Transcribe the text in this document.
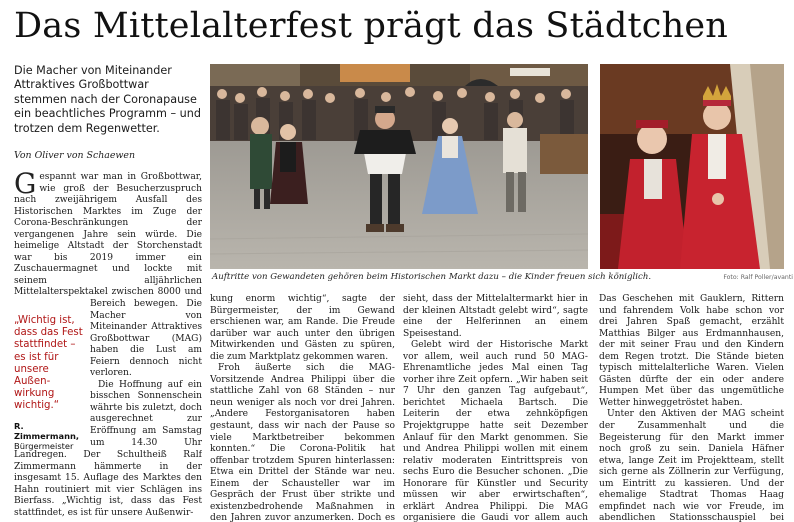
Das Mittelalterfest prägt das Städtchen
Die Macher von Miteinander Attraktives Großbottwar stemmen nach der Coronapause ein beachtliches Programm – und trotzen dem Regenwetter.
Von Oliver von Schaewen

Gespannt war man in Großbottwar, wie groß der Besucherzuspruch nach zweijährigem Ausfall des Historischen Marktes im Zuge der Corona-Beschränkungen der vergangenen Jahre sein würde. Die heimelige Altstadt der Storchenstadt war bis 2019 immer ein Zuschauermagnet und lockte mit seinem alljährlichen Mittelalterspektakel zwischen 8000 und

Bereich bewegen. Die Macher von Miteinander Attraktives Großbottwar (MAG) haben die Lust am Feiern dennoch nicht verloren.

Die Hoffnung auf ein bisschen Sonnenschein währte bis zuletzt, doch ausgerechnet zur Eröffnung am Samstag um 14.30 Uhr

„Wichtig ist, dass das Fest stattfindet – es ist für unsere Außenwirkung wichtig.“
R. Zimmermann,
Bürgermeister

Landregen. Der Schultheiß Ralf Zimmermann hämmerte in der insgesamt 15. Auflage des Marktes den Hahn routiniert mit vier Schlägen ins Bierfass. „Wichtig ist, dass das Fest stattfindet, es ist für unsere Außenwir-

kung enorm wichtig“, sagte der Bürgermeister, der im Gewand erschienen war, am Rande. Die Freude darüber war auch unter den übrigen Mitwirkenden und Gästen zu spüren, die zum Marktplatz gekommen waren.

Froh äußerte sich die MAG-Vorsitzende Andrea Philippi über die stattliche Zahl von 68 Ständen – nur neun weniger als noch vor drei Jahren. „Andere Festorganisatoren haben gestaunt, dass wir nach der Pause so viele Marktbetreiber bekommen konnten.“ Die Corona-Politik hat offenbar trotzdem Spuren hinterlassen: Etwa ein Drittel der Stände war neu. Einem der Schausteller war im Gespräch der Frust über strikte und existenzbedrohende Maßnahmen in den Jahren zuvor anzumerken. Doch es

sieht, dass der Mittelaltermarkt hier in der kleinen Altstadt gelebt wird“, sagte eine der Helferinnen an einem Speisestand.

Gelebt wird der Historische Markt vor allem, weil auch rund 50 MAG-Ehrenamtliche jedes Mal einen Tag vorher ihre Zeit opfern. „Wir haben seit 7 Uhr den ganzen Tag aufgebaut“, berichtet Michaela Bartsch. Die Leiterin der etwa zehnköpfigen Projektgruppe hatte seit Dezember Anlauf für den Markt genommen. Sie und Andrea Philippi wollen mit einem relativ moderaten Eintrittspreis von sechs Euro die Besucher schonen. „Die Honorare für Künstler und Security müssen wir aber erwirtschaften“, erklärt Andrea Philippi. Die MAG organisiere die Gaudi vor allem auch

Das Geschehen mit Gauklern, Rittern und fahrendem Volk habe schon vor drei Jahren Spaß gemacht, erzählt Matthias Bilger aus Erdmannhausen, der mit seiner Frau und den Kindern dem Regen trotzt. Die Stände bieten typisch mittelalterliche Waren. Vielen Gästen dürfte der ein oder andere Humpen Met über das ungemütliche Wetter hinweggetröstet haben.

Unter den Aktiven der MAG scheint der Zusammenhalt und die Begeisterung für den Markt immer noch groß zu sein. Daniela Häfner etwa, lange Zeit im Projektteam, stellt sich gerne als Zöllnerin zur Verfügung, um Eintritt zu kassieren. Und der ehemalige Stadtrat Thomas Haag empfindet nach wie vor Freude, im abendlichen Stationsschauspiel bei

Auftritte von Gewandeten gehören beim Historischen Markt dazu – die Kinder freuen sich königlich.	Foto: Ralf Poller/avanti
